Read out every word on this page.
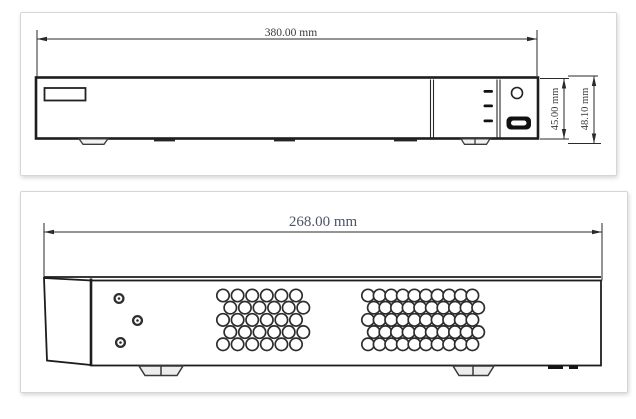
380.00 mm
45.00 mm 48.10 mm
268.00 mm
